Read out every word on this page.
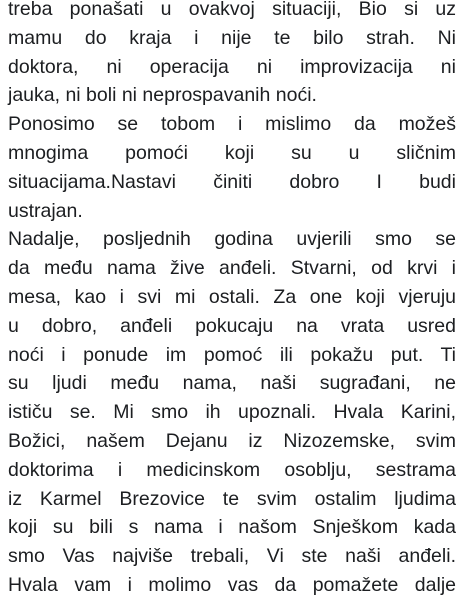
treba ponašati u ovakvoj situaciji, Bio si uz
mamu do kraja i nije te bilo strah. Ni
doktora, ni operacija ni improvizacija ni
jauka, ni boli ni neprospavanih noći.
Ponosimo se tobom i mislimo da možeš
mnogima pomoći koji su u sličnim
situacijama.Nastavi činiti dobro I budi
ustrajan.
Nadalje, posljednih godina uvjerili smo se
da među nama žive anđeli. Stvarni, od krvi i
mesa, kao i svi mi ostali. Za one koji vjeruju
u dobro, anđeli pokucaju na vrata usred
noći i ponude im pomoć ili pokažu put. Ti
su ljudi među nama, naši sugrađani, ne
ističu se. Mi smo ih upoznali. Hvala Karini,
Božici, našem Dejanu iz Nizozemske, svim
doktorima i medicinskom osoblju, sestrama
iz Karmel Brezovice te svim ostalim ljudima
koji su bili s nama i našom Snješkom kada
smo Vas najviše trebali, Vi ste naši anđeli.
Hvala vam i molimo vas da pomažete dalje
